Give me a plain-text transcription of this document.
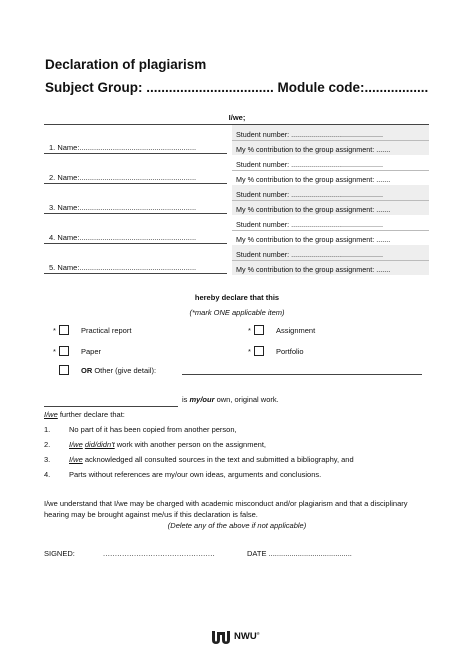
Declaration of plagiarism
Subject Group: .................................. Module code:.................
I/we;
Student number: ..............................................
My % contribution to the group assignment: .......
1. Name:........................................................
Student number: ..............................................
My % contribution to the group assignment: .......
2. Name:........................................................
Student number: ..............................................
My % contribution to the group assignment: .......
3. Name:........................................................
Student number: ..............................................
My % contribution to the group assignment: .......
4. Name:........................................................
Student number: ..............................................
My % contribution to the group assignment: .......
5. Name:........................................................
hereby declare that this
(*mark ONE applicable item)
*	Practical report	*	Assignment
*	Paper	*	Portfolio
OR Other (give detail):
is my/our own, original work.
I/we further declare that:
1. No part of it has been copied from another person,
2. I/we did/didn't work with another person on the assignment,
3. I/we acknowledged all consulted sources in the text and submitted a bibliography, and
4. Parts without references are my/our own ideas, arguments and conclusions.
I/we understand that I/we may be charged with academic misconduct and/or plagiarism and that a disciplinary hearing may be brought against me/us if this declaration is false.
(Delete any of the above if not applicable)
SIGNED:	...............................................	DATE ........................................
NWU®
